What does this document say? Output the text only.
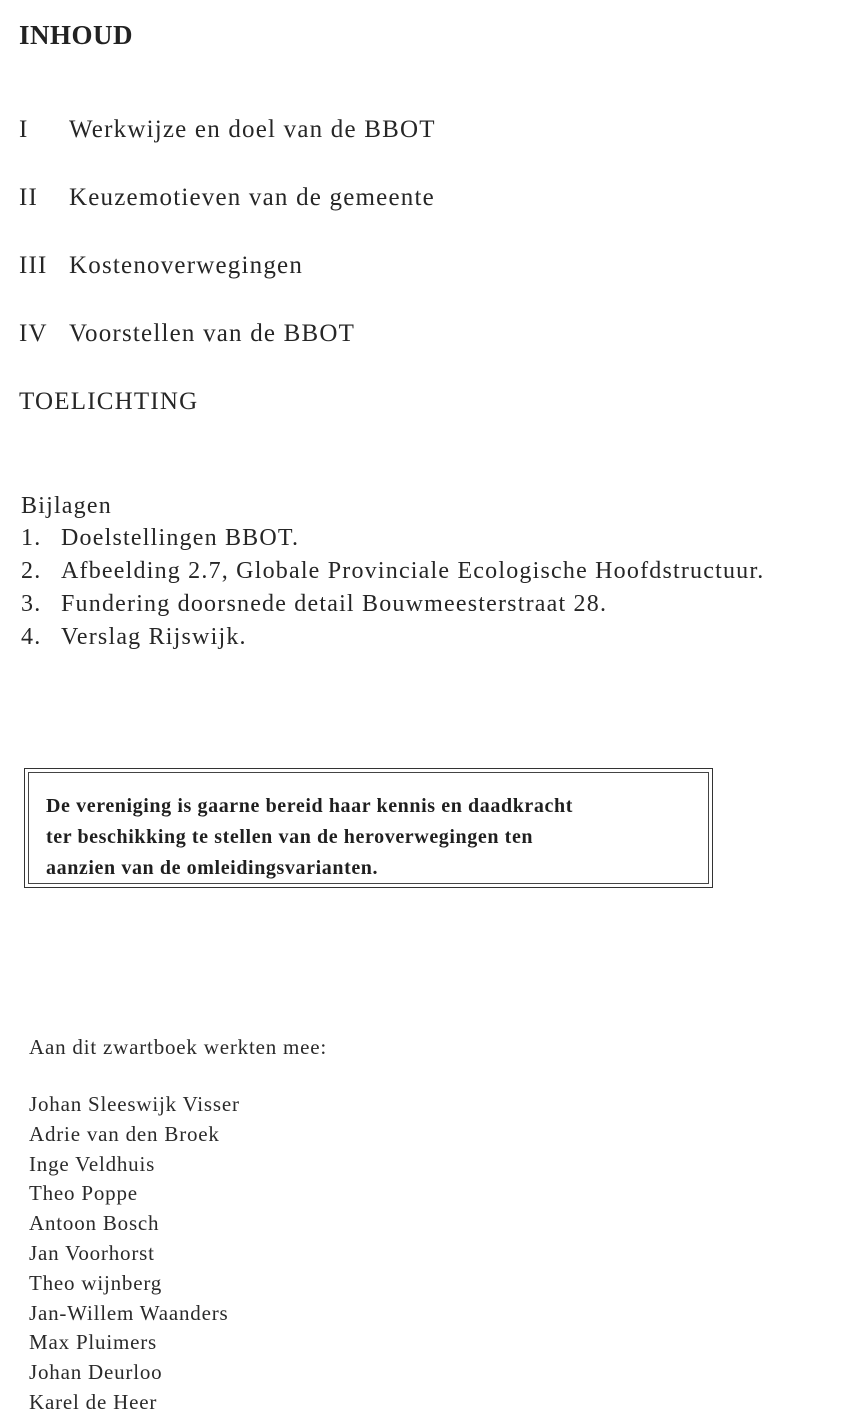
INHOUD
I Werkwijze en doel van de BBOT
II Keuzemotieven van de gemeente
III Kostenoverwegingen
IV Voorstellen van de BBOT
TOELICHTING
Bijlagen
1. Doelstellingen BBOT.
2. Afbeelding 2.7, Globale Provinciale Ecologische Hoofdstructuur.
3. Fundering doorsnede detail Bouwmeesterstraat 28.
4. Verslag Rijswijk.
De vereniging is gaarne bereid haar kennis en daadkracht
ter beschikking te stellen van de heroverwegingen ten
aanzien van de omleidingsvarianten.
Aan dit zwartboek werkten mee:
Johan Sleeswijk Visser
Adrie van den Broek
Inge Veldhuis
Theo Poppe
Antoon Bosch
Jan Voorhorst
Theo wijnberg
Jan-Willem Waanders
Max Pluimers
Johan Deurloo
Karel de Heer
